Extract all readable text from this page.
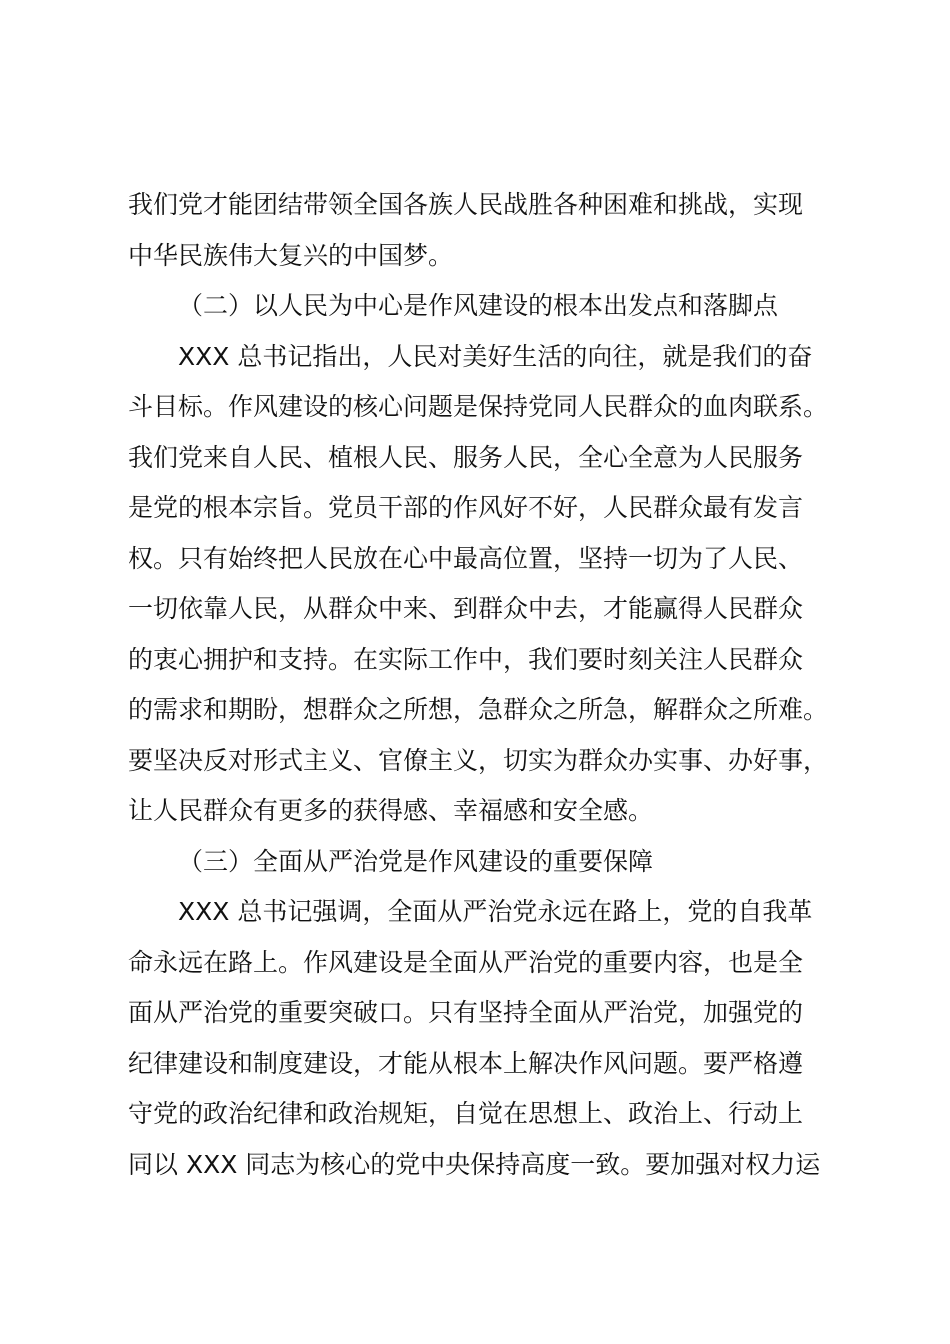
我们党才能团结带领全国各族人民战胜各种困难和挑战，实现
中华民族伟大复兴的中国梦。
（二）以人民为中心是作风建设的根本出发点和落脚点
XXX 总书记指出，人民对美好生活的向往，就是我们的奋
斗目标。作风建设的核心问题是保持党同人民群众的血肉联系。
我们党来自人民、植根人民、服务人民，全心全意为人民服务
是党的根本宗旨。党员干部的作风好不好，人民群众最有发言
权。只有始终把人民放在心中最高位置，坚持一切为了人民、
一切依靠人民，从群众中来、到群众中去，才能赢得人民群众
的衷心拥护和支持。在实际工作中，我们要时刻关注人民群众
的需求和期盼，想群众之所想，急群众之所急，解群众之所难。
要坚决反对形式主义、官僚主义，切实为群众办实事、办好事，
让人民群众有更多的获得感、幸福感和安全感。
（三）全面从严治党是作风建设的重要保障
XXX 总书记强调，全面从严治党永远在路上，党的自我革
命永远在路上。作风建设是全面从严治党的重要内容，也是全
面从严治党的重要突破口。只有坚持全面从严治党，加强党的
纪律建设和制度建设，才能从根本上解决作风问题。要严格遵
守党的政治纪律和政治规矩，自觉在思想上、政治上、行动上
同以 XXX 同志为核心的党中央保持高度一致。要加强对权力运
